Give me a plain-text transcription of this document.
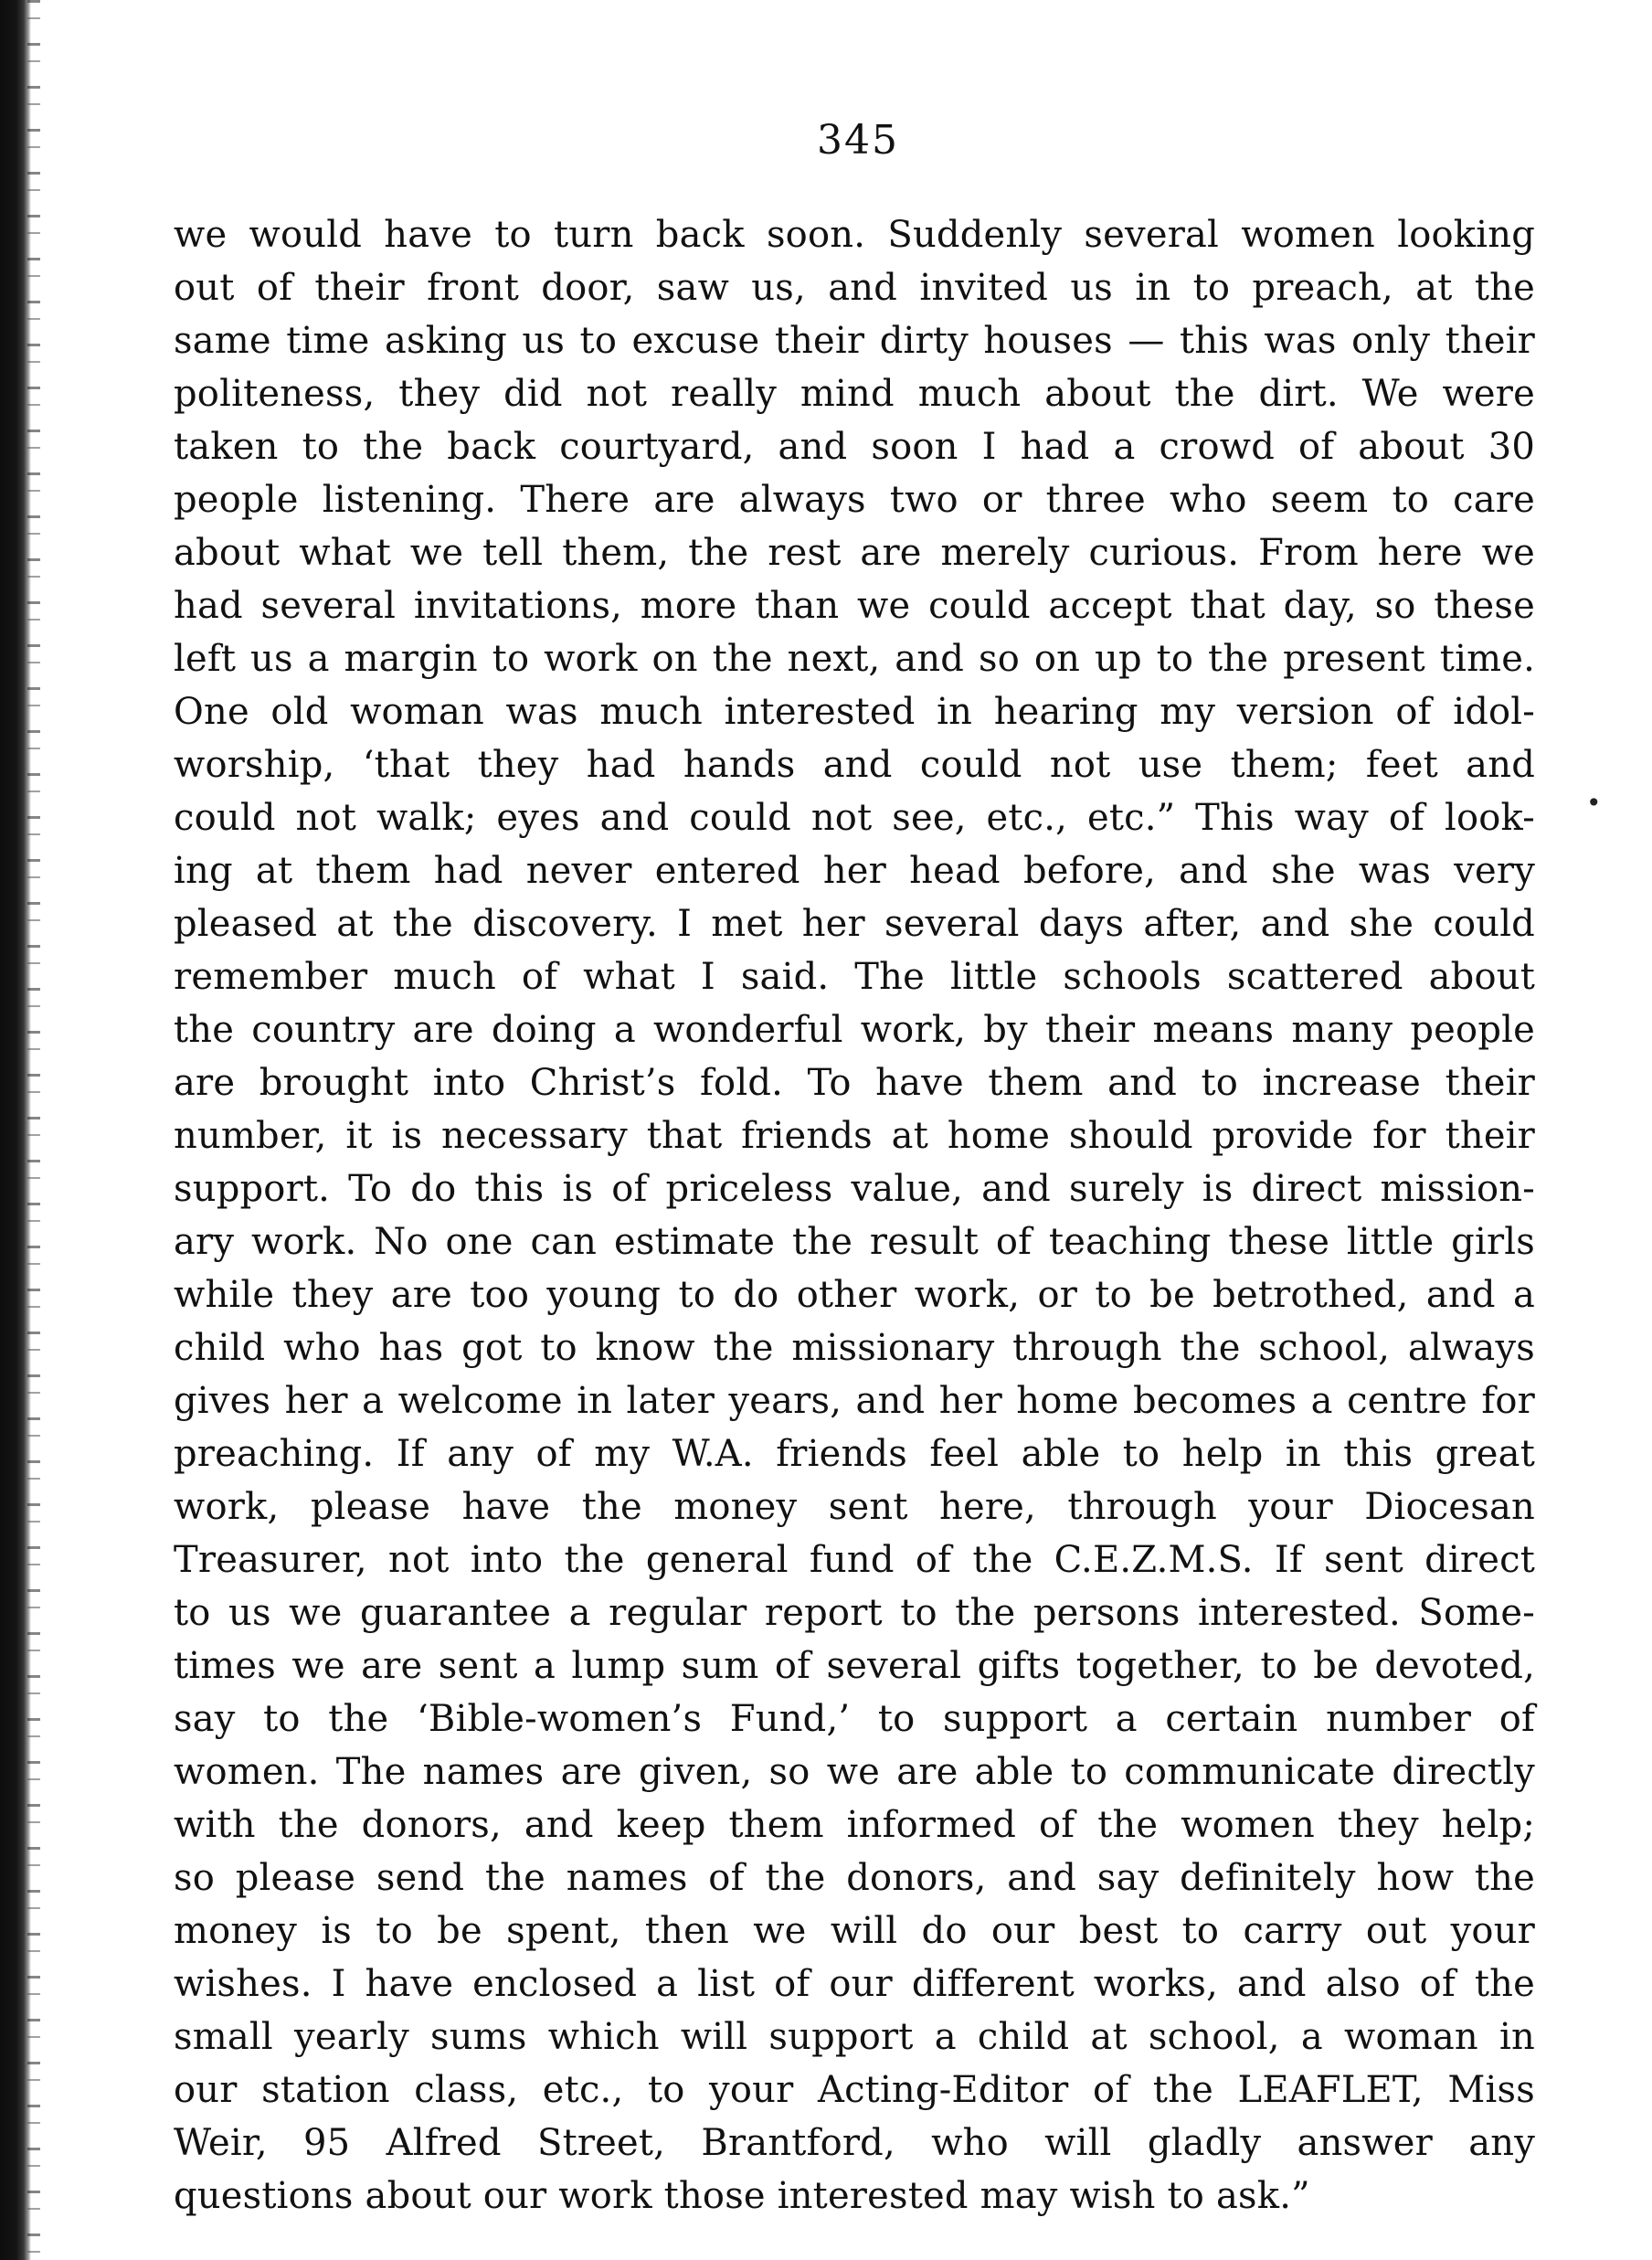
345

we would have to turn back soon. Suddenly several women looking
out of their front door, saw us, and invited us in to preach, at the
same time asking us to excuse their dirty houses — this was only their
politeness, they did not really mind much about the dirt. We were
taken to the back courtyard, and soon I had a crowd of about 30
people listening. There are always two or three who seem to care
about what we tell them, the rest are merely curious. From here we
had several invitations, more than we could accept that day, so these
left us a margin to work on the next, and so on up to the present time.
One old woman was much interested in hearing my version of idol-
worship, ‘that they had hands and could not use them; feet and
could not walk; eyes and could not see, etc., etc.” This way of look-
ing at them had never entered her head before, and she was very
pleased at the discovery. I met her several days after, and she could
remember much of what I said. The little schools scattered about
the country are doing a wonderful work, by their means many people
are brought into Christ’s fold. To have them and to increase their
number, it is necessary that friends at home should provide for their
support. To do this is of priceless value, and surely is direct mission-
ary work. No one can estimate the result of teaching these little girls
while they are too young to do other work, or to be betrothed, and a
child who has got to know the missionary through the school, always
gives her a welcome in later years, and her home becomes a centre for
preaching. If any of my W.A. friends feel able to help in this great
work, please have the money sent here, through your Diocesan
Treasurer, not into the general fund of the C.E.Z.M.S. If sent direct
to us we guarantee a regular report to the persons interested. Some-
times we are sent a lump sum of several gifts together, to be devoted,
say to the ‘Bible-women’s Fund,’ to support a certain number of
women. The names are given, so we are able to communicate directly
with the donors, and keep them informed of the women they help;
so please send the names of the donors, and say definitely how the
money is to be spent, then we will do our best to carry out your
wishes. I have enclosed a list of our different works, and also of the
small yearly sums which will support a child at school, a woman in
our station class, etc., to your Acting-Editor of the LEAFLET, Miss
Weir, 95 Alfred Street, Brantford, who will gladly answer any
questions about our work those interested may wish to ask.”
•
